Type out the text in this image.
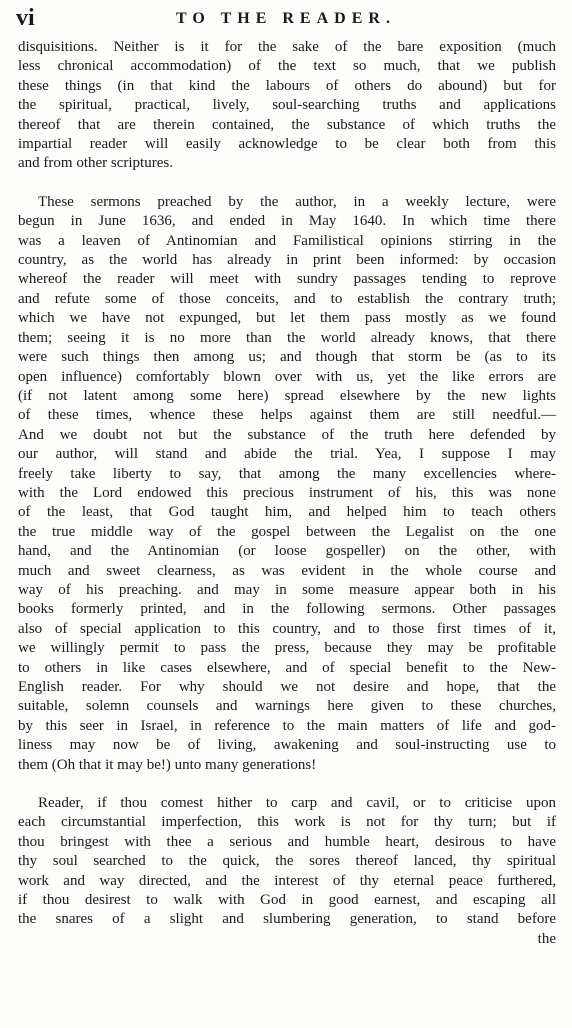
vi	TO THE READER.
disquisitions. Neither is it for the sake of the bare exposition (much
less chronical accommodation) of the text so much, that we publish
these things (in that kind the labours of others do abound) but for
the spiritual, practical, lively, soul-searching truths and applications
thereof that are therein contained, the substance of which truths the
impartial reader will easily acknowledge to be clear both from this
and from other scriptures.
These sermons preached by the author, in a weekly lecture, were
begun in June 1636, and ended in May 1640. In which time there
was a leaven of Antinomian and Familistical opinions stirring in the
country, as the world has already in print been informed: by occasion
whereof the reader will meet with sundry passages tending to reprove
and refute some of those conceits, and to establish the contrary truth;
which we have not expunged, but let them pass mostly as we found
them; seeing it is no more than the world already knows, that there
were such things then among us; and though that storm be (as to its
open influence) comfortably blown over with us, yet the like errors are
(if not latent among some here) spread elsewhere by the new lights
of these times, whence these helps against them are still needful.—
And we doubt not but the substance of the truth here defended by
our author, will stand and abide the trial. Yea, I suppose I may
freely take liberty to say, that among the many excellencies where-
with the Lord endowed this precious instrument of his, this was none
of the least, that God taught him, and helped him to teach others
the true middle way of the gospel between the Legalist on the one
hand, and the Antinomian (or loose gospeller) on the other, with
much and sweet clearness, as was evident in the whole course and
way of his preaching. and may in some measure appear both in his
books formerly printed, and in the following sermons. Other passages
also of special application to this country, and to those first times of it,
we willingly permit to pass the press, because they may be profitable
to others in like cases elsewhere, and of special benefit to the New-
English reader. For why should we not desire and hope, that the
suitable, solemn counsels and warnings here given to these churches,
by this seer in Israel, in reference to the main matters of life and god-
liness may now be of living, awakening and soul-instructing use to
them (Oh that it may be!) unto many generations!
Reader, if thou comest hither to carp and cavil, or to criticise upon
each circumstantial imperfection, this work is not for thy turn; but if
thou bringest with thee a serious and humble heart, desirous to have
thy soul searched to the quick, the sores thereof lanced, thy spiritual
work and way directed, and the interest of thy eternal peace furthered,
if thou desirest to walk with God in good earnest, and escaping all
the snares of a slight and slumbering generation, to stand before
the
